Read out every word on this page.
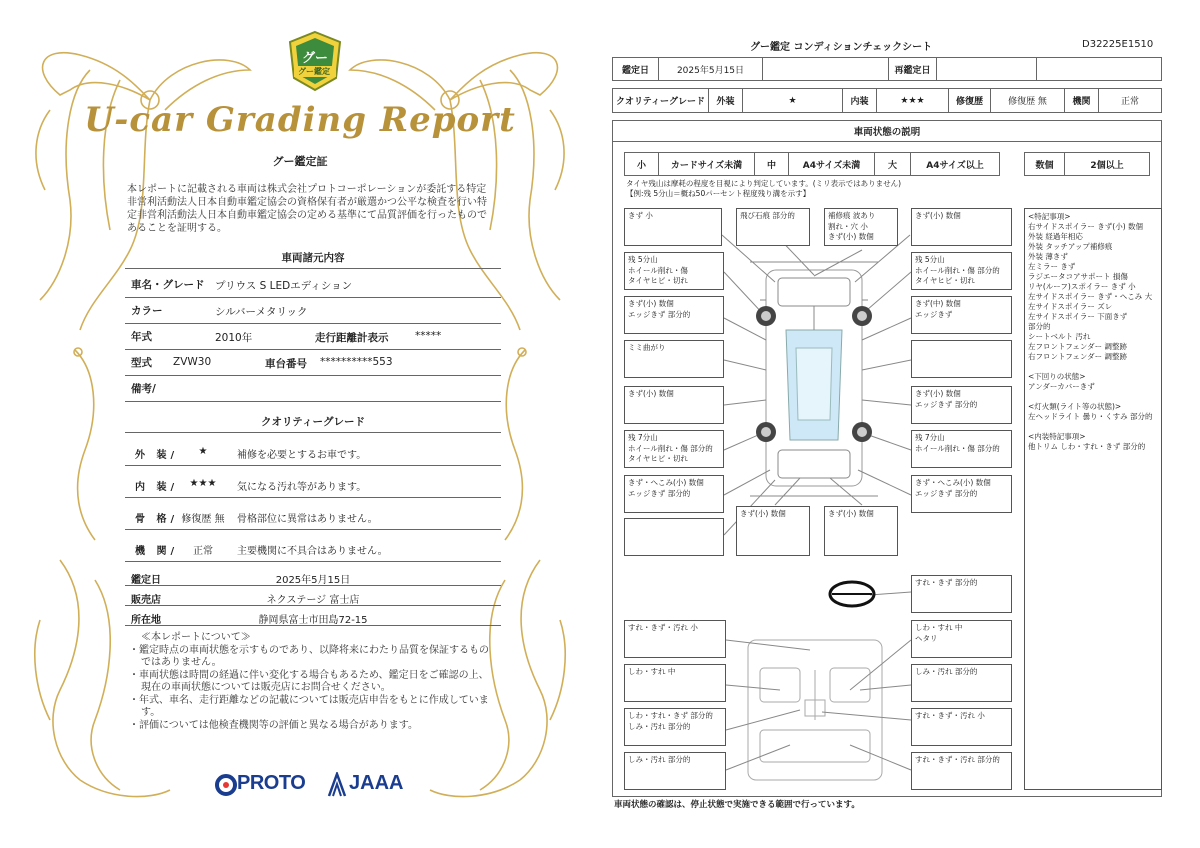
グー
グー鑑定
U-car Grading Report
グー鑑定証
本レポートに記載される車両は株式会社プロトコーポレーションが委託する特定非営利活動法人日本自動車鑑定協会の資格保有者が厳選かつ公平な検査を行い特定非営利活動法人日本自動車鑑定協会の定める基準にて品質評価を行ったものであることを証明する。
車両諸元内容
車名・グレード プリウス S LEDエディション
カラー	シルバーメタリック
年式	2010年	走行距離計表示	*****
型式 ZVW30	車台番号 **********553
備考/
クオリティーグレード
外 装/	★	補修を必要とするお車です。
内 装/	★★★	気になる汚れ等があります。
骨 格/ 修復歴 無 骨格部位に異常はありません。
機 関/	正常	主要機関に不具合はありません。
鑑定日	2025年5月15日
販売店	ネクステージ 富士店
所在地	静岡県富士市田島72-15
≪本レポートについて≫
・鑑定時点の車両状態を示すものであり、以降将来にわたり品質を保証するものではありません。
・車両状態は時間の経過に伴い変化する場合もあるため、鑑定日をご確認の上、現在の車両状態については販売店にお問合せください。
・年式、車名、走行距離などの記載については販売店申告をもとに作成しています。
・評価については他検査機関等の評価と異なる場合があります。
PROTO JAAA
グー鑑定 コンディションチェックシート	D32225E1510
鑑定日	2025年5月15日	再鑑定日
クオリティーグレード	外装	★	内装	★★★	修復歴	修復歴 無	機関	正常
車両状態の説明
小	カードサイズ未満	中	A4サイズ未満	大	A4サイズ以上	数個	2個以上
タイヤ残山は摩耗の程度を目視により判定しています。(ミリ表示ではありません)
【例:残 5分山＝概ね50パーセント程度残り溝を示す】
きず 小	飛び石痕 部分的	補修痕 波あり
割れ・穴 小
きず(小) 数個
きず(小) 数個
残 5分山
ホイール削れ・傷
タイヤヒビ・切れ
残 5分山
ホイール削れ・傷 部分的
タイヤヒビ・切れ
きず(小) 数個
エッジきず 部分的
きず(中) 数個
エッジきず
ミミ曲がり
きず(小) 数個	きず(小) 数個
エッジきず 部分的
残 7分山
ホイール削れ・傷 部分的
タイヤヒビ・切れ
残 7分山
ホイール削れ・傷 部分的
きず・へこみ(小) 数個
エッジきず 部分的
きず・へこみ(小) 数個
エッジきず 部分的
きず(小) 数個	きず(小) 数個
すれ・きず 部分的
すれ・きず・汚れ 小	しわ・すれ 中
ヘタリ
しわ・すれ 中	しみ・汚れ 部分的
しわ・すれ・きず 部分的
しみ・汚れ 部分的
すれ・きず・汚れ 小
しみ・汚れ 部分的	すれ・きず・汚れ 部分的
<特記事項>
右サイドスポイラー きず(小) 数個
外装 経過年相応
外装 タッチアップ補修痕
外装 薄きず
左ミラー きず
ラジエータコアサポート 損傷
リヤ(ルーフ)スポイラー きず 小
左サイドスポイラー きず・へこみ 大
左サイドスポイラー ズレ
左サイドスポイラー 下面きず
部分的
シートベルト 汚れ
左フロントフェンダー 調整跡
右フロントフェンダー 調整跡

<下回りの状態>
アンダーカバーきず

<灯火類(ライト等の状態)>
左ヘッドライト 曇り・くすみ 部分的

<内装特記事項>
他トリム しわ・すれ・きず 部分的
車両状態の確認は、停止状態で実施できる範囲で行っています。
